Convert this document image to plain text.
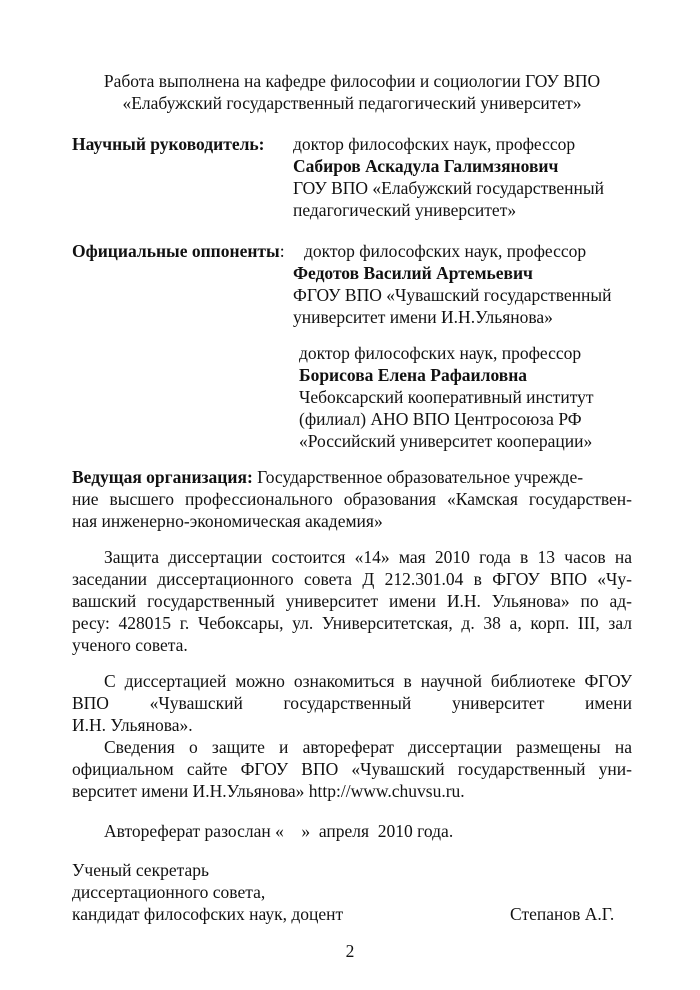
Работа выполнена на кафедре философии и социологии ГОУ ВПО
«Елабужский государственный педагогический университет»
Научный руководитель: доктор философских наук, профессор
Сабиров Аскадула Галимзянович
ГОУ ВПО «Елабужский государственный
педагогический университет»
Официальные оппоненты: доктор философских наук, профессор
Федотов Василий Артемьевич
ФГОУ ВПО «Чувашский государственный
университет имени И.Н.Ульянова»
доктор философских наук, профессор
Борисова Елена Рафаиловна
Чебоксарский кооперативный институт
(филиал) АНО ВПО Центросоюза РФ
«Российский университет кооперации»
Ведущая организация: Государственное образовательное учрежде-
ние высшего профессионального образования «Камская государствен-
ная инженерно-экономическая академия»
Защита диссертации состоится «14» мая 2010 года в 13 часов на
заседании диссертационного совета Д 212.301.04 в ФГОУ ВПО «Чу-
вашский государственный университет имени И.Н. Ульянова» по ад-
ресу: 428015 г. Чебоксары, ул. Университетская, д. 38 а, корп. III, зал
ученого совета.
С диссертацией можно ознакомиться в научной библиотеке ФГОУ
ВПО «Чувашский государственный университет имени
И.Н. Ульянова».
Сведения о защите и автореферат диссертации размещены на
официальном сайте ФГОУ ВПО «Чувашский государственный уни-
верситет имени И.Н.Ульянова» http://www.chuvsu.ru.
Автореферат разослан «    »  апреля  2010 года.
Ученый секретарь
диссертационного совета,
кандидат философских наук, доцент	Степанов А.Г.
2
